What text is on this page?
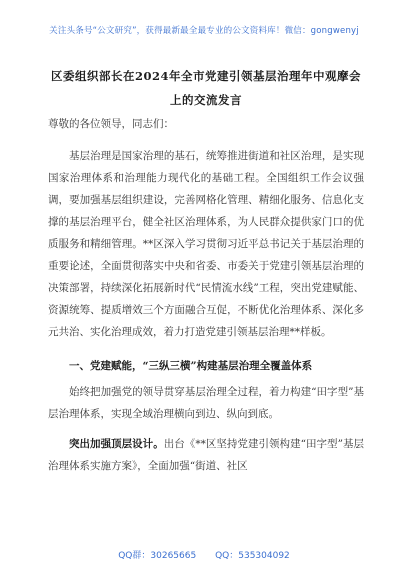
关注头条号“公文研究”，获得最新最全最专业的公文资料库！微信：gongwenyj
区委组织部长在2024年全市党建引领基层治理年中观摩会
上的交流发言

尊敬的各位领导，同志们：

基层治理是国家治理的基石，统筹推进街道和社区治理，是实现国家治理体系和治理能力现代化的基础工程。全国组织工作会议强调，要加强基层组织建设，完善网格化管理、精细化服务、信息化支撑的基层治理平台，健全社区治理体系，为人民群众提供家门口的优质服务和精细管理。**区深入学习贯彻习近平总书记关于基层治理的重要论述，全面贯彻落实中央和省委、市委关于党建引领基层治理的决策部署，持续深化拓展新时代“民情流水线”工程，突出党建赋能、资源统筹、提质增效三个方面融合互促，不断优化治理体系、深化多元共治、实化治理成效，着力打造党建引领基层治理**样板。

一、党建赋能，“三纵三横”构建基层治理全覆盖体系

始终把加强党的领导贯穿基层治理全过程，着力构建“田字型”基层治理体系，实现全域治理横向到边、纵向到底。

突出加强顶层设计。出台《**区坚持党建引领构建“田字型”基层治理体系实施方案》，全面加强“街道、社区

QQ群：30265665 QQ：535304092
